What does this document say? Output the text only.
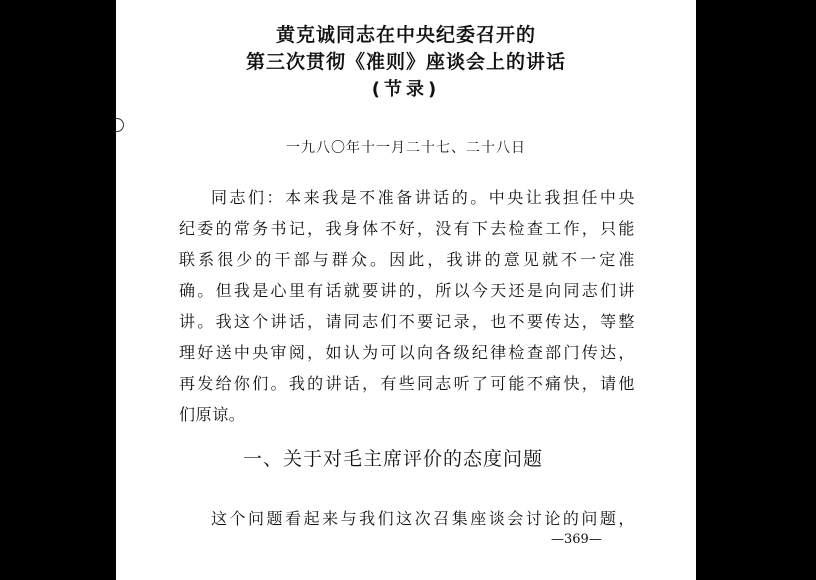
黄克诚同志在中央纪委召开的
第三次贯彻《准则》座谈会上的讲话
(节录)
一九八〇年十一月二十七、二十八日
同志们：本来我是不准备讲话的。中央让我担任中央
纪委的常务书记，我身体不好，没有下去检查工作，只能
联系很少的干部与群众。因此，我讲的意见就不一定准
确。但我是心里有话就要讲的，所以今天还是向同志们讲
讲。我这个讲话，请同志们不要记录，也不要传达，等整
理好送中央审阅，如认为可以向各级纪律检查部门传达，
再发给你们。我的讲话，有些同志听了可能不痛快，请他
们原谅。
一、关于对毛主席评价的态度问题
这个问题看起来与我们这次召集座谈会讨论的问题，
—369—
